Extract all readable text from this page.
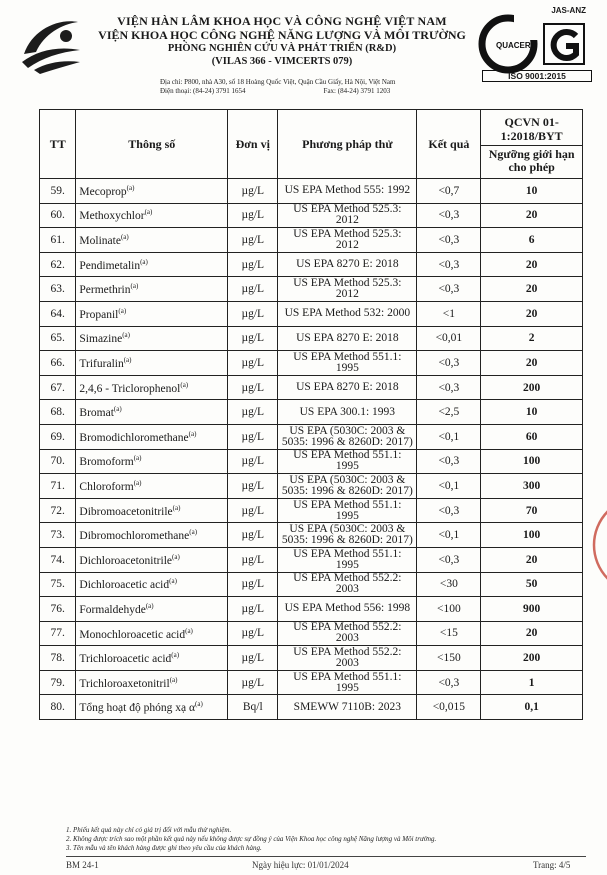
VIỆN HÀN LÂM KHOA HỌC VÀ CÔNG NGHỆ VIỆT NAM
VIỆN KHOA HỌC CÔNG NGHỆ NĂNG LƯỢNG VÀ MÔI TRƯỜNG
PHÒNG NGHIÊN CỨU VÀ PHÁT TRIỂN (R&D)
(VILAS 366 - VIMCERTS 079)
Địa chỉ: P800, nhà A30, số 18 Hoàng Quốc Việt, Quận Cầu Giấy, Hà Nội, Việt Nam
Điện thoại: (84-24) 3791 1654	Fax: (84-24) 3791 1203
JAS-ANZ
QUACERT
ISO 9001:2015
TT	Thông số	Đơn vị	Phương pháp thử	Kết quả	QCVN 01-1:2018/BYT
Ngưỡng giới hạn cho phép

59.	Mecoprop$^{(a)}$	µg/L	US EPA Method 555: 1992	<0,7	10
60.	Methoxychlor$^{(a)}$	µg/L	US EPA Method 525.3: 2012	<0,3	20
61.	Molinate$^{(a)}$	µg/L	US EPA Method 525.3: 2012	<0,3	6
62.	Pendimetalin$^{(a)}$	µg/L	US EPA 8270 E: 2018	<0,3	20
63.	Permethrin$^{(a)}$	µg/L	US EPA Method 525.3: 2012	<0,3	20
64.	Propanil$^{(a)}$	µg/L	US EPA Method 532: 2000	<1	20
65.	Simazine$^{(a)}$	µg/L	US EPA 8270 E: 2018	<0,01	2
66.	Trifuralin$^{(a)}$	µg/L	US EPA Method 551.1: 1995	<0,3	20
67.	2,4,6 - Triclorophenol$^{(a)}$	µg/L	US EPA 8270 E: 2018	<0,3	200
68.	Bromat$^{(a)}$	µg/L	US EPA 300.1: 1993	<2,5	10
69.	Bromodichloromethane$^{(a)}$	µg/L	US EPA (5030C: 2003 & 5035: 1996 & 8260D: 2017)	<0,1	60
70.	Bromoform$^{(a)}$	µg/L	US EPA Method 551.1: 1995	<0,3	100
71.	Chloroform$^{(a)}$	µg/L	US EPA (5030C: 2003 & 5035: 1996 & 8260D: 2017)	<0,1	300
72.	Dibromoacetonitrile$^{(a)}$	µg/L	US EPA Method 551.1: 1995	<0,3	70
73.	Dibromochloromethane$^{(a)}$	µg/L	US EPA (5030C: 2003 & 5035: 1996 & 8260D: 2017)	<0,1	100
74.	Dichloroacetonitrile$^{(a)}$	µg/L	US EPA Method 551.1: 1995	<0,3	20
75.	Dichloroacetic acid$^{(a)}$	µg/L	US EPA Method 552.2: 2003	<30	50
76.	Formaldehyde$^{(a)}$	µg/L	US EPA Method 556: 1998	<100	900
77.	Monochloroacetic acid$^{(a)}$	µg/L	US EPA Method 552.2: 2003	<15	20
78.	Trichloroacetic acid$^{(a)}$	µg/L	US EPA Method 552.2: 2003	<150	200
79.	Trichloroaxetonitril$^{(a)}$	µg/L	US EPA Method 551.1: 1995	<0,3	1
80.	Tổng hoạt độ phóng xạ $\alpha^{(a)}$	Bq/l	SMEWW 7110B: 2023	<0,015	0,1
1. Phiếu kết quả này chỉ có giá trị đối với mẫu thử nghiệm.
2. Không được trích sao một phần kết quả này nếu không được sự đồng ý của Viện Khoa học công nghệ Năng lượng và Môi trường.
3. Tên mẫu và tên khách hàng được ghi theo yêu cầu của khách hàng.
BM 24-1	Ngày hiệu lực: 01/01/2024	Trang: 4/5
